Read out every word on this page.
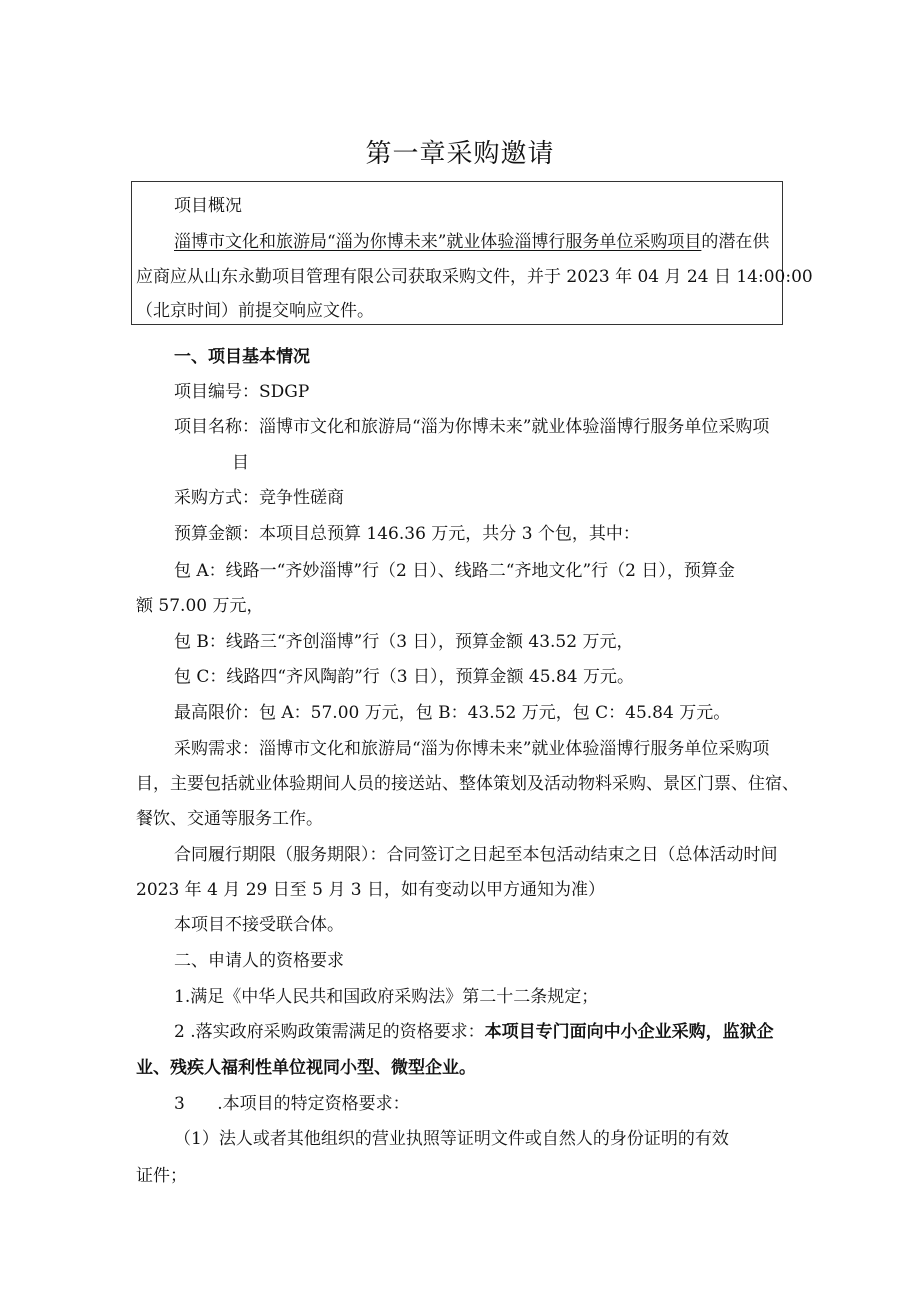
第一章采购邀请
项目概况
淄博市文化和旅游局“淄为你博未来”就业体验淄博行服务单位采购项目的潜在供
应商应从山东永勤项目管理有限公司获取采购文件，并于 2023 年 04 月 24 日 14:00:00
（北京时间）前提交响应文件。
一、项目基本情况
项目编号：SDGP
项目名称：淄博市文化和旅游局“淄为你博未来”就业体验淄博行服务单位采购项
目
采购方式：竞争性磋商
预算金额：本项目总预算 146.36 万元，共分 3 个包，其中：
包 A：线路一“齐妙淄博”行（2 日）、线路二“齐地文化”行（2 日），预算金
额 57.00 万元，
包 B：线路三“齐创淄博”行（3 日），预算金额 43.52 万元，
包 C：线路四“齐风陶韵”行（3 日），预算金额 45.84 万元。
最高限价：包 A：57.00 万元，包 B：43.52 万元，包 C：45.84 万元。
采购需求：淄博市文化和旅游局“淄为你博未来”就业体验淄博行服务单位采购项
目，主要包括就业体验期间人员的接送站、整体策划及活动物料采购、景区门票、住宿、
餐饮、交通等服务工作。
合同履行期限（服务期限）：合同签订之日起至本包活动结束之日（总体活动时间
2023 年 4 月 29 日至 5 月 3 日，如有变动以甲方通知为准）
本项目不接受联合体。
二、申请人的资格要求
1.满足《中华人民共和国政府采购法》第二十二条规定；
2 .落实政府采购政策需满足的资格要求：本项目专门面向中小企业采购，监狱企
业、残疾人福利性单位视同小型、微型企业。
3      .本项目的特定资格要求：
（1）法人或者其他组织的营业执照等证明文件或自然人的身份证明的有效
证件；
